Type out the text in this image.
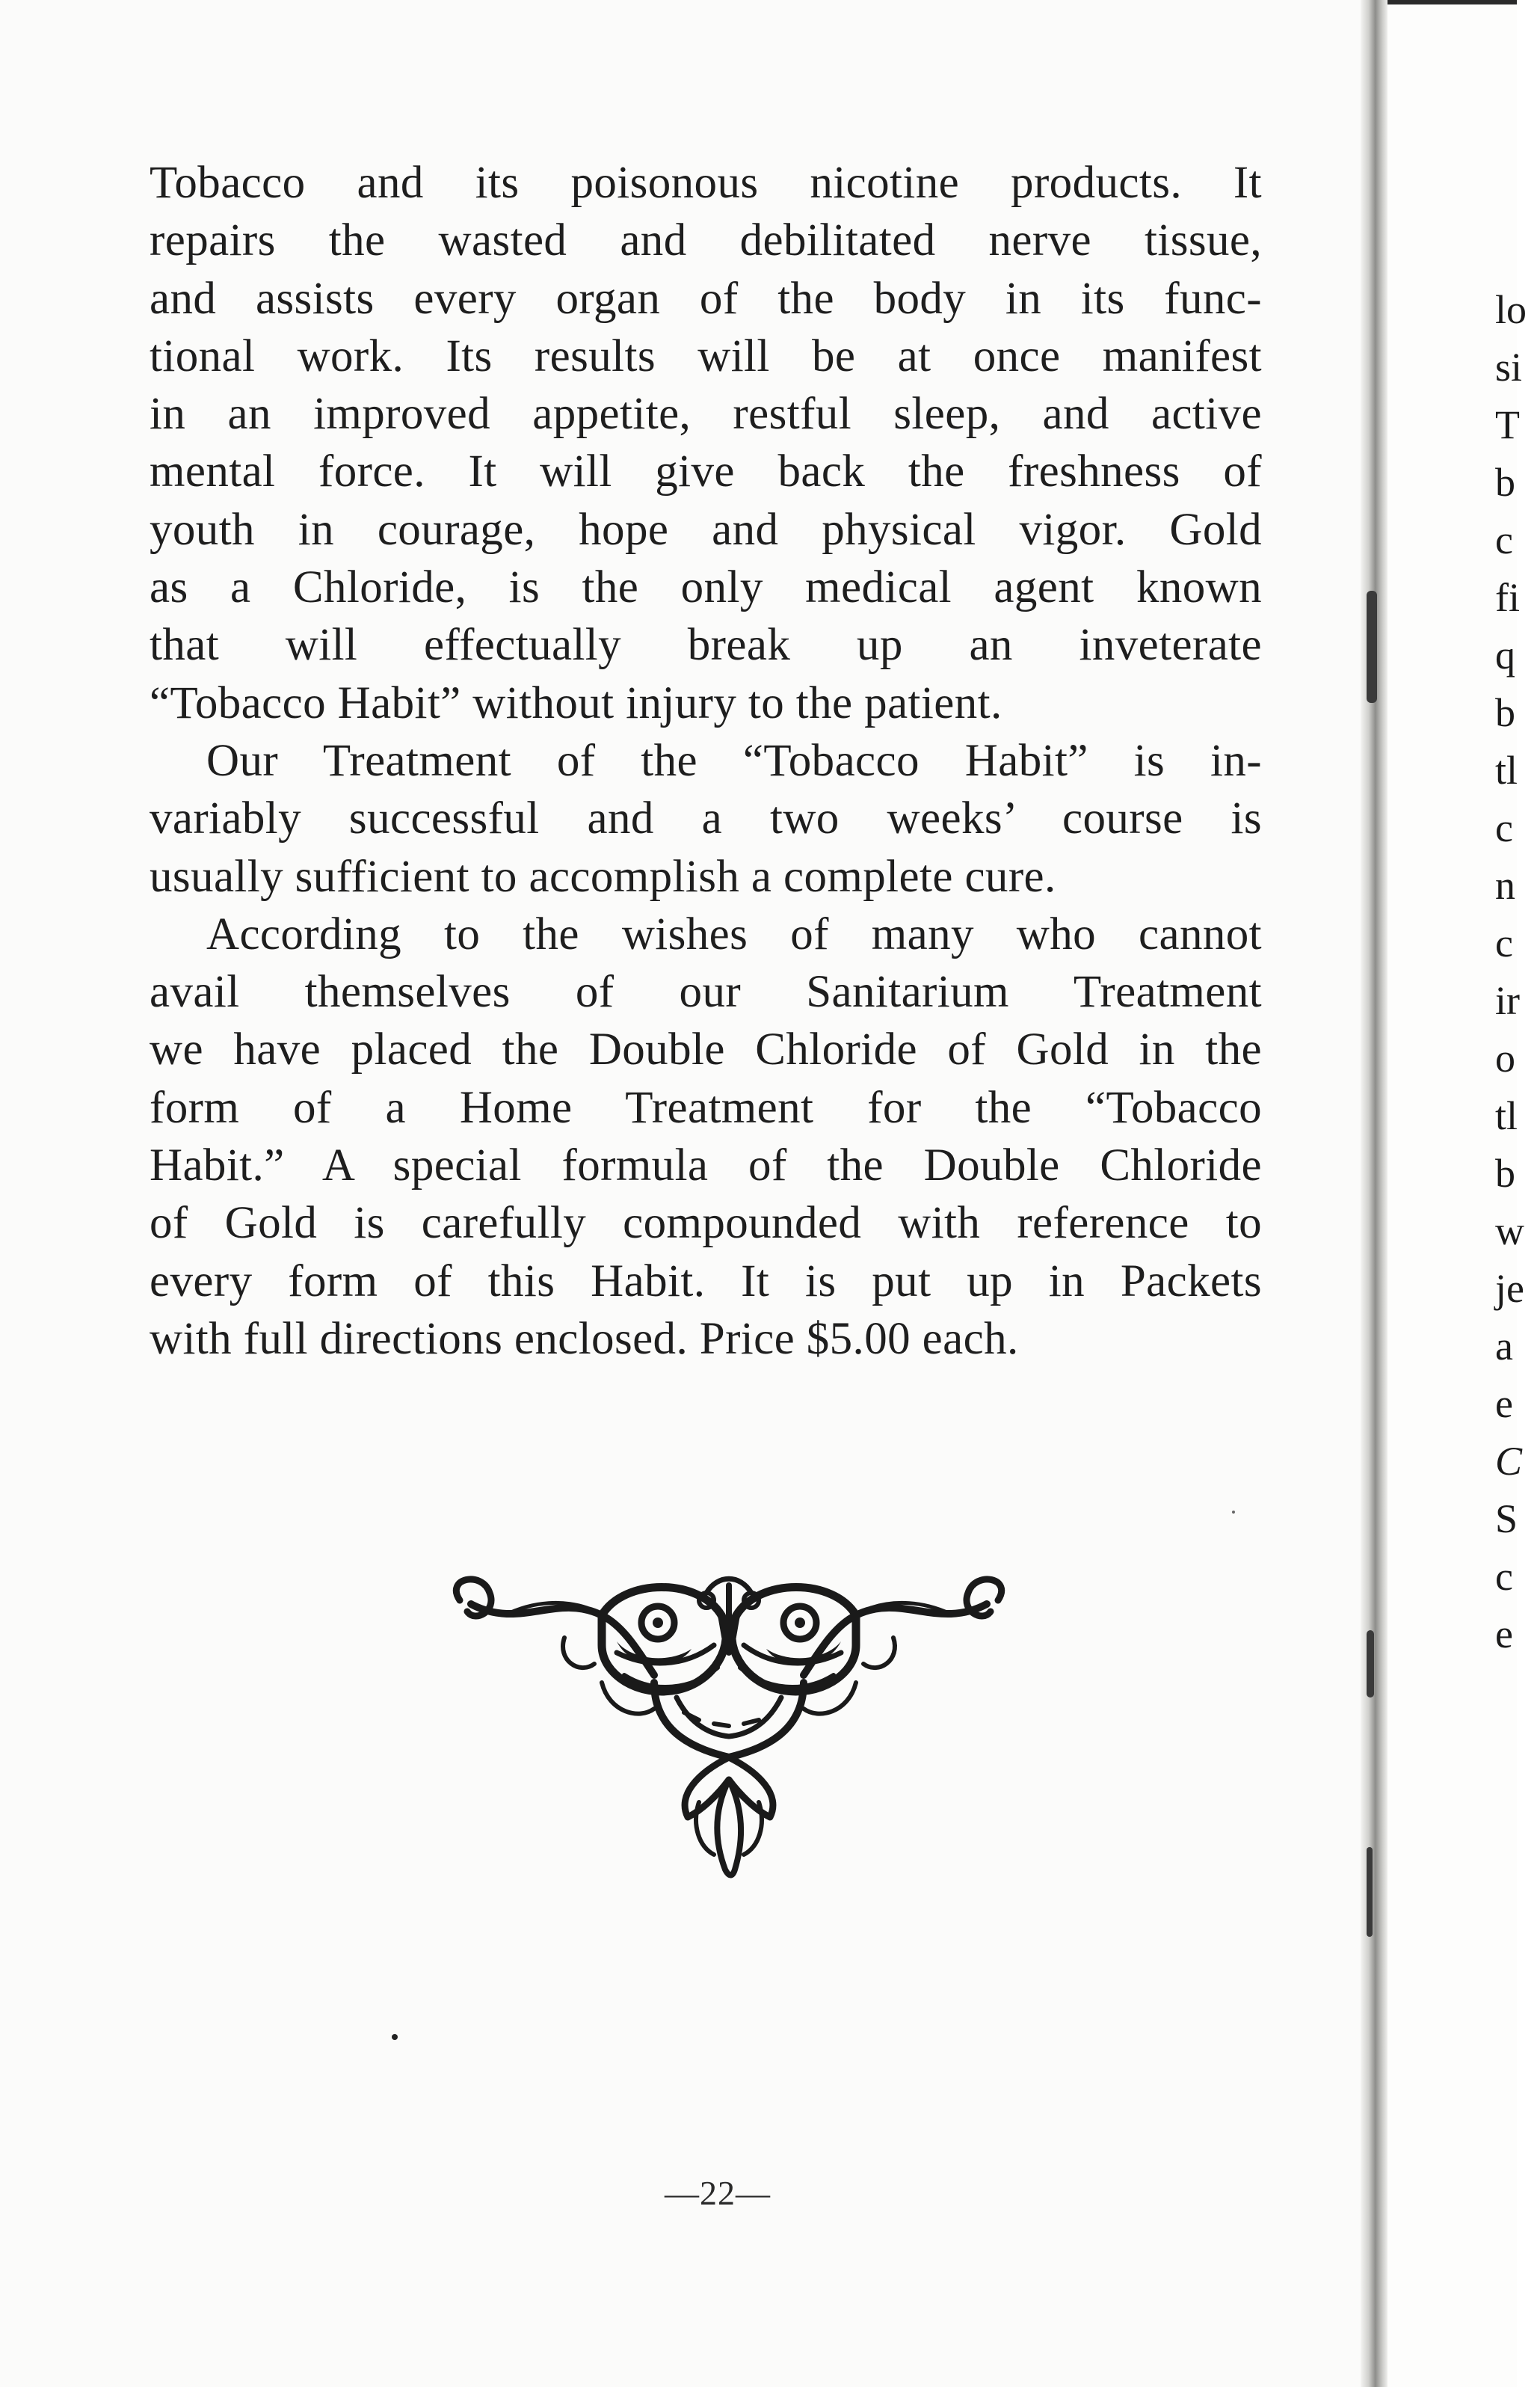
lo
si
T
b
c
fi
q
b
tl
c
n
c
ir
o
tl
b
w
je
a
e
C
S
c
e

Tobacco and its poisonous nicotine products. It
repairs the wasted and debilitated nerve tissue,
and assists every organ of the body in its func-
tional work. Its results will be at once manifest
in an improved appetite, restful sleep, and active
mental force. It will give back the freshness of
youth in courage, hope and physical vigor. Gold
as a Chloride, is the only medical agent known
that will effectually break up an inveterate
“Tobacco Habit” without injury to the patient.

Our Treatment of the “Tobacco Habit” is in-
variably successful and a two weeks’ course is
usually sufficient to accomplish a complete cure.

According to the wishes of many who cannot
avail themselves of our Sanitarium Treatment
we have placed the Double Chloride of Gold in the
form of a Home Treatment for the “Tobacco
Habit.” A special formula of the Double Chloride
of Gold is carefully compounded with reference to
every form of this Habit. It is put up in Packets
with full directions enclosed. Price $5.00 each.

—22—
